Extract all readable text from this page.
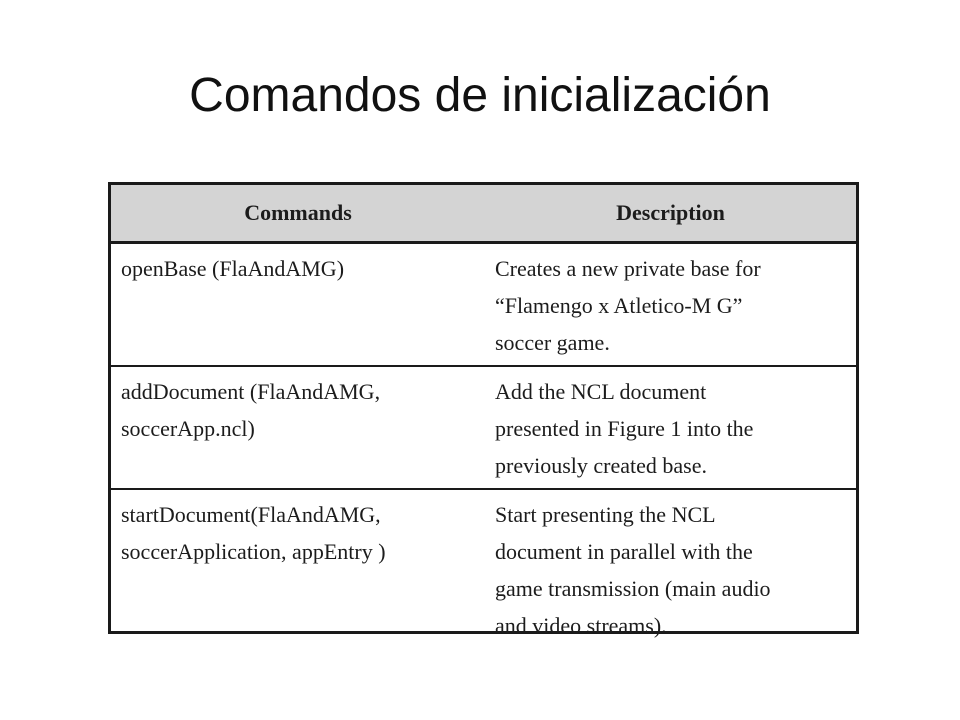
Comandos de inicialización
Commands	Description

openBase (FlaAndAMG)	Creates a new private base for
“Flamengo x Atletico-M G”
soccer game.

addDocument (FlaAndAMG,
soccerApp.ncl)	Add the NCL document
presented in Figure 1 into the
previously created base.

startDocument(FlaAndAMG,
soccerApplication, appEntry )	Start presenting the NCL
document in parallel with the
game transmission (main audio
and video streams).
